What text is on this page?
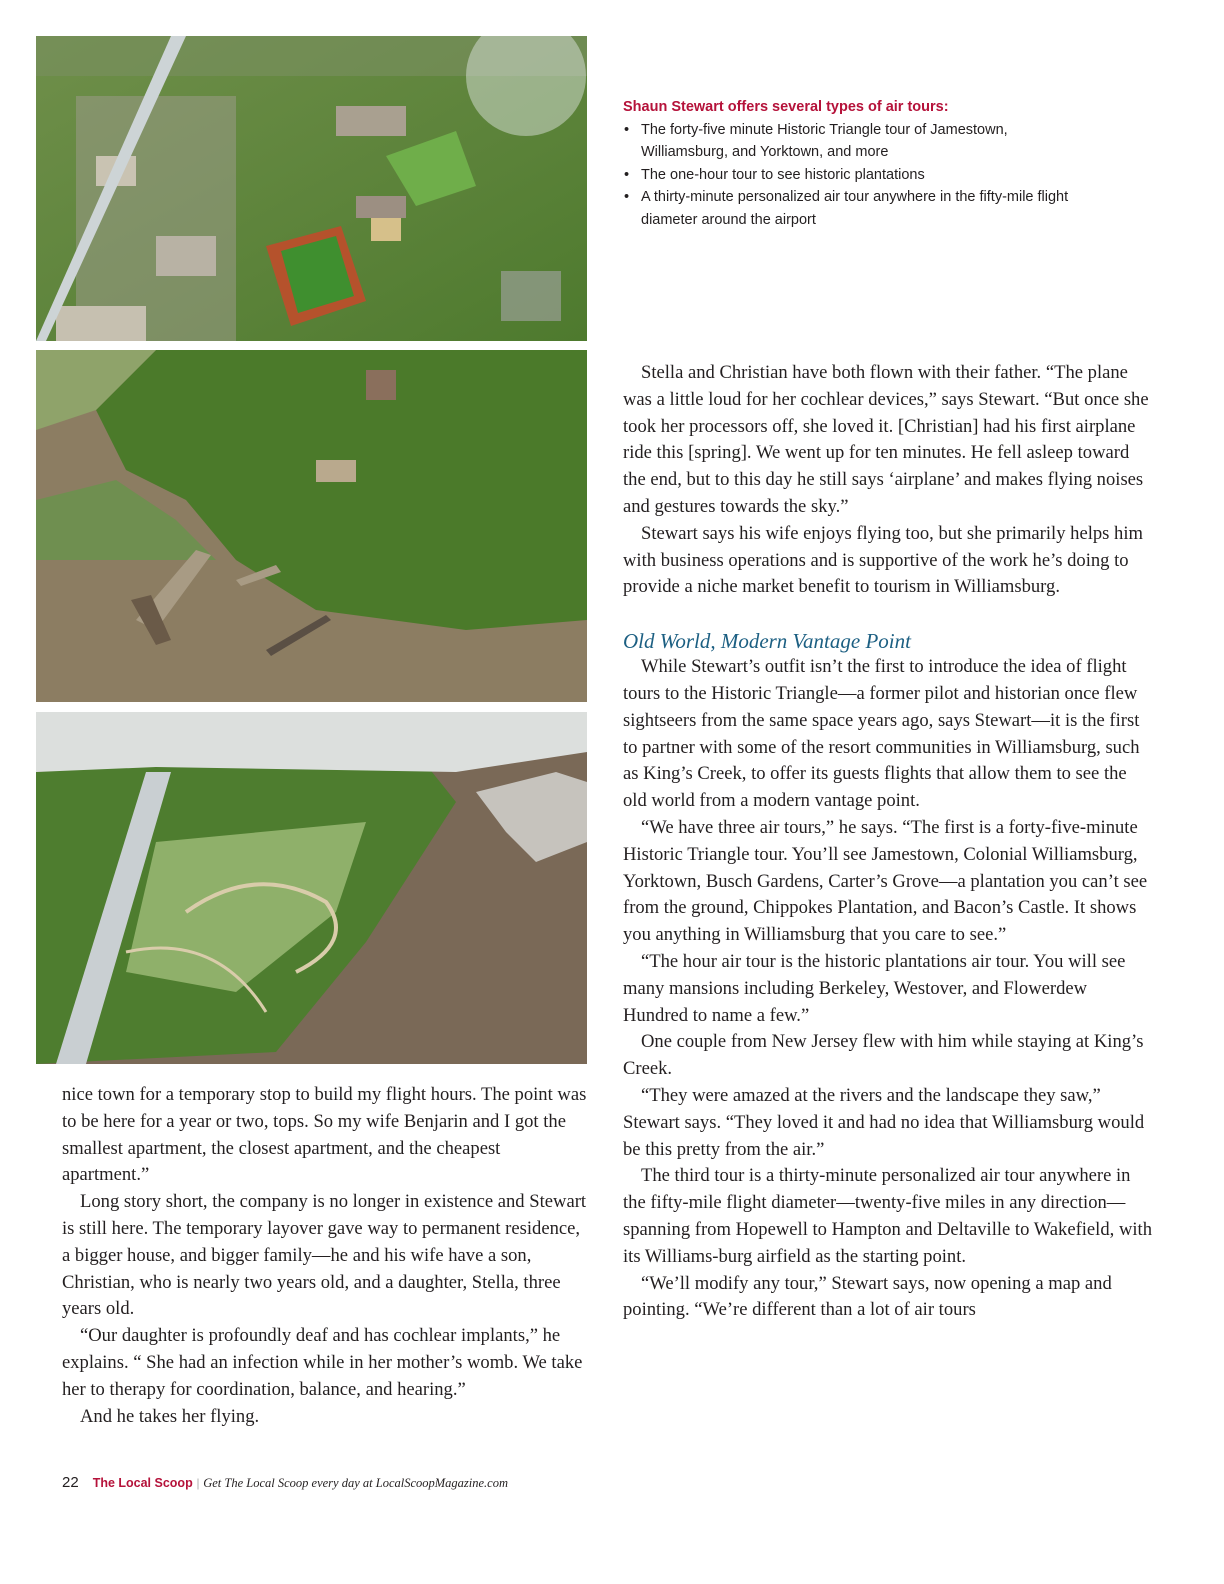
Shaun Stewart offers several types of air tours:
• The forty-five minute Historic Triangle tour of Jamestown, Williamsburg, and Yorktown, and more
• The one-hour tour to see historic plantations
• A thirty-minute personalized air tour anywhere in the fifty-mile flight diameter around the airport

nice town for a temporary stop to build my flight hours. The point was to be here for a year or two, tops. So my wife Benjarin and I got the smallest apartment, the closest apartment, and the cheapest apartment.”

Long story short, the company is no longer in existence and Stewart is still here. The temporary layover gave way to permanent residence, a bigger house, and bigger family—he and his wife have a son, Christian, who is nearly two years old, and a daughter, Stella, three years old.

“Our daughter is profoundly deaf and has cochlear implants,” he explains. “ She had an infection while in her mother’s womb. We take her to therapy for coordination, balance, and hearing.”

And he takes her flying.

Stella and Christian have both flown with their father. “The plane was a little loud for her cochlear devices,” says Stewart. “But once she took her processors off, she loved it. [Christian] had his first airplane ride this [spring]. We went up for ten minutes. He fell asleep toward the end, but to this day he still says ‘airplane’ and makes flying noises and gestures towards the sky.”

Stewart says his wife enjoys flying too, but she primarily helps him with business operations and is supportive of the work he’s doing to provide a niche market benefit to tourism in Williamsburg.

Old World, Modern Vantage Point

While Stewart’s outfit isn’t the first to introduce the idea of flight tours to the Historic Triangle—a former pilot and historian once flew sightseers from the same space years ago, says Stewart—it is the first to partner with some of the resort communities in Williamsburg, such as King’s Creek, to offer its guests flights that allow them to see the old world from a modern vantage point.

“We have three air tours,” he says. “The first is a forty-five-minute Historic Triangle tour. You’ll see Jamestown, Colonial Williamsburg, Yorktown, Busch Gardens, Carter’s Grove—a plantation you can’t see from the ground, Chippokes Plantation, and Bacon’s Castle. It shows you anything in Williamsburg that you care to see.”

“The hour air tour is the historic plantations air tour. You will see many mansions including Berkeley, Westover, and Flowerdew Hundred to name a few.”

One couple from New Jersey flew with him while staying at King’s Creek.

“They were amazed at the rivers and the landscape they saw,” Stewart says. “They loved it and had no idea that Williamsburg would be this pretty from the air.”

The third tour is a thirty-minute personalized air tour anywhere in the fifty-mile flight diameter—twenty-five miles in any direction—spanning from Hopewell to Hampton and Deltaville to Wakefield, with its Williams-burg airfield as the starting point.

“We’ll modify any tour,” Stewart says, now opening a map and pointing. “We’re different than a lot of air tours

22 The Local Scoop | Get The Local Scoop every day at LocalScoopMagazine.com
